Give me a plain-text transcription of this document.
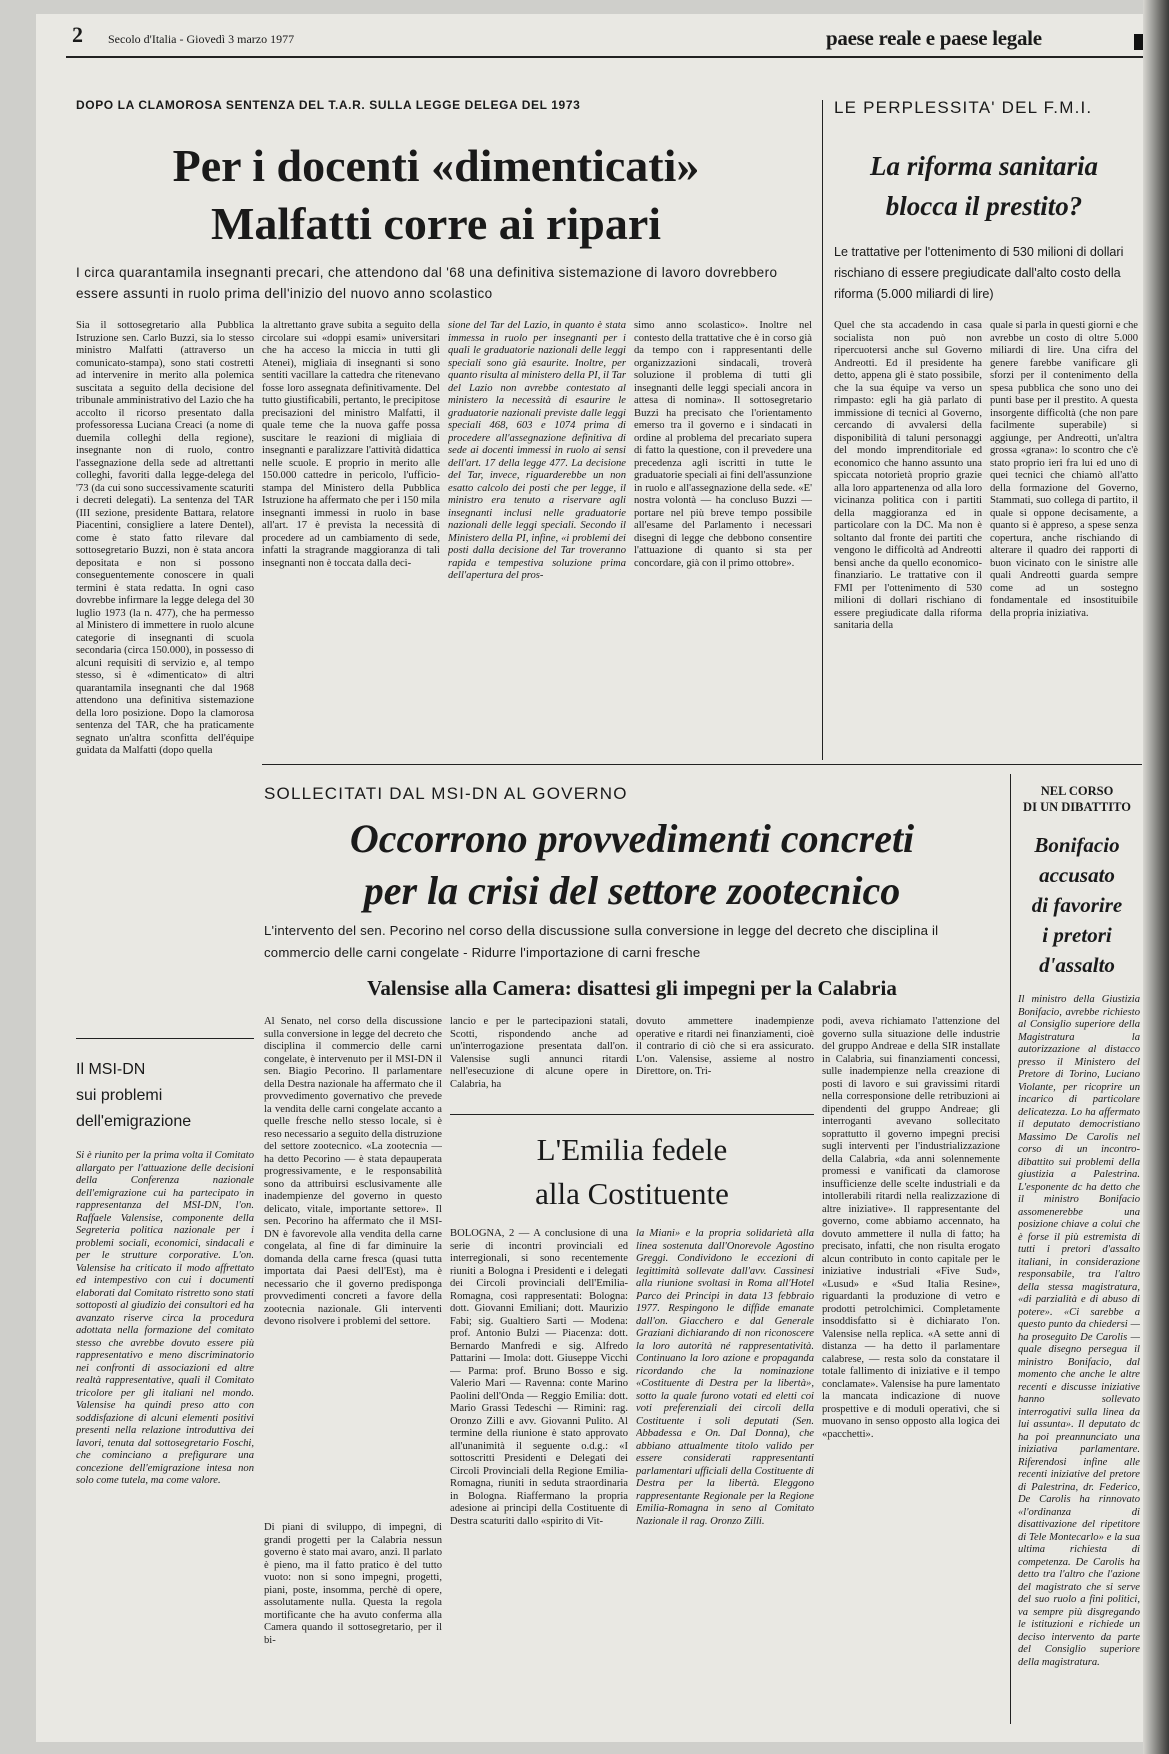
2 Secolo d'Italia - Giovedì 3 marzo 1977	paese reale e paese legale
DOPO LA CLAMOROSA SENTENZA DEL T.A.R. SULLA LEGGE DELEGA DEL 1973
Per i docenti «dimenticati»
Malfatti corre ai ripari
I circa quarantamila insegnanti precari, che attendono dal '68 una definitiva sistemazione di lavoro dovrebbero essere assunti in ruolo prima dell'inizio del nuovo anno scolastico
Sia il sottosegretario alla Pubblica Istruzione sen. Carlo Buzzi, sia lo stesso ministro Malfatti (attraverso un comunicato-stampa), sono stati costretti ad intervenire in merito alla polemica suscitata a seguito della decisione del tribunale amministrativo del Lazio che ha accolto il ricorso presentato dalla professoressa Luciana Creaci (a nome di duemila colleghi della regione), insegnante non di ruolo, contro l'assegnazione della sede ad altrettanti colleghi, favoriti dalla legge-delega del '73 (da cui sono successivamente scaturiti i decreti delegati). La sentenza del TAR (III sezione, presidente Battara, relatore Piacentini, consigliere a latere Dentel), come è stato fatto rilevare dal sottosegretario Buzzi, non è stata ancora depositata e non si possono conseguentemente conoscere in quali termini è stata redatta. In ogni caso dovrebbe infirmare la legge delega del 30 luglio 1973 (la n. 477), che ha permesso al Ministero di immettere in ruolo alcune categorie di insegnanti di scuola secondaria (circa 150.000), in possesso di alcuni requisiti di servizio e, al tempo stesso, si è «dimenticato» di altri quarantamila insegnanti che dal 1968 attendono una definitiva sistemazione della loro posizione. Dopo la clamorosa sentenza del TAR, che ha praticamente segnato un'altra sconfitta dell'équipe guidata da Malfatti (dopo quella
la altrettanto grave subita a seguito della circolare sui «doppi esami» universitari che ha acceso la miccia in tutti gli Atenei), migliaia di insegnanti si sono sentiti vacillare la cattedra che ritenevano fosse loro assegnata definitivamente. Del tutto giustificabili, pertanto, le precipitose precisazioni del ministro Malfatti, il quale teme che la nuova gaffe possa suscitare le reazioni di migliaia di insegnanti e paralizzare l'attività didattica nelle scuole. E proprio in merito alle 150.000 cattedre in pericolo, l'ufficio-stampa del Ministero della Pubblica Istruzione ha affermato che per i 150 mila insegnanti immessi in ruolo in base all'art. 17 è prevista la necessità di procedere ad un cambiamento di sede, infatti la stragrande maggioranza di tali insegnanti non è toccata dalla deci-
sione del Tar del Lazio, in quanto è stata immessa in ruolo per insegnanti per i quali le graduatorie nazionali delle leggi speciali sono già esaurite. Inoltre, per quanto risulta al ministero della PI, il Tar del Lazio non avrebbe contestato al ministero la necessità di esaurire le graduatorie nazionali previste dalle leggi speciali 468, 603 e 1074 prima di procedere all'assegnazione definitiva di sede ai docenti immessi in ruolo ai sensi dell'art. 17 della legge 477. La decisione del Tar, invece, riguarderebbe un non esatto calcolo dei posti che per legge, il ministro era tenuto a riservare agli insegnanti inclusi nelle graduatorie nazionali delle leggi speciali. Secondo il Ministero della PI, infine, «i problemi dei posti dalla decisione del Tar troveranno rapida e tempestiva soluzione prima dell'apertura del pros-
simo anno scolastico». Inoltre nel contesto della trattative che è in corso già da tempo con i rappresentanti delle organizzazioni sindacali, troverà soluzione il problema di tutti gli insegnanti delle leggi speciali ancora in attesa di nomina». Il sottosegretario Buzzi ha precisato che l'orientamento emerso tra il governo e i sindacati in ordine al problema del precariato supera di fatto la questione, con il prevedere una precedenza agli iscritti in tutte le graduatorie speciali ai fini dell'assunzione in ruolo e all'assegnazione della sede. «E' nostra volontà — ha concluso Buzzi — portare nel più breve tempo possibile all'esame del Parlamento i necessari disegni di legge che debbono consentire l'attuazione di quanto si sta per concordare, già con il primo ottobre».
LE PERPLESSITA' DEL F.M.I.
La riforma sanitaria blocca il prestito?
Le trattative per l'ottenimento di 530 milioni di dollari rischiano di essere pregiudicate dall'alto costo della riforma (5.000 miliardi di lire)
Quel che sta accadendo in casa socialista non può non ripercuotersi anche sul Governo Andreotti. Ed il presidente ha detto, appena gli è stato possibile, che la sua équipe va verso un rimpasto: egli ha già parlato di immissione di tecnici al Governo, cercando di avvalersi della disponibilità di taluni personaggi del mondo imprenditoriale ed economico che hanno assunto una spiccata notorietà proprio grazie alla loro appartenenza od alla loro vicinanza politica con i partiti della maggioranza ed in particolare con la DC. Ma non è soltanto dal fronte dei partiti che vengono le difficoltà ad Andreotti bensì anche da quello economico-finanziario. Le trattative con il FMI per l'ottenimento di 530 milioni di dollari rischiano di essere pregiudicate dalla riforma sanitaria della
quale si parla in questi giorni e che avrebbe un costo di oltre 5.000 miliardi di lire. Una cifra del genere farebbe vanificare gli sforzi per il contenimento della spesa pubblica che sono uno dei punti base per il prestito. A questa insorgente difficoltà (che non pare facilmente superabile) si aggiunge, per Andreotti, un'altra grossa «grana»: lo scontro che c'è stato proprio ieri fra lui ed uno di quei tecnici che chiamò all'atto della formazione del Governo, Stammati, suo collega di partito, il quale si oppone decisamente, a quanto si è appreso, a spese senza copertura, anche rischiando di alterare il quadro dei rapporti di buon vicinato con le sinistre alle quali Andreotti guarda sempre come ad un sostegno fondamentale ed insostituibile della propria iniziativa.
Il MSI-DN
sui problemi
dell'emigrazione
Si è riunito per la prima volta il Comitato allargato per l'attuazione delle decisioni della Conferenza nazionale dell'emigrazione cui ha partecipato in rappresentanza del MSI-DN, l'on. Raffaele Valensise, componente della Segreteria politica nazionale per i problemi sociali, economici, sindacali e per le strutture corporative. L'on. Valensise ha criticato il modo affrettato ed intempestivo con cui i documenti elaborati dal Comitato ristretto sono stati sottoposti al giudizio dei consultori ed ha avanzato riserve circa la procedura adottata nella formazione del comitato stesso che avrebbe dovuto essere più rappresentativo e meno discriminatorio nei confronti di associazioni ed altre realtà rappresentative, quali il Comitato tricolore per gli italiani nel mondo. Valensise ha quindi preso atto con soddisfazione di alcuni elementi positivi presenti nella relazione introduttiva dei lavori, tenuta dal sottosegretario Foschi, che cominciano a prefigurare una concezione dell'emigrazione intesa non solo come tutela, ma come valore.
SOLLECITATI DAL MSI-DN AL GOVERNO
Occorrono provvedimenti concreti
per la crisi del settore zootecnico
L'intervento del sen. Pecorino nel corso della discussione sulla conversione in legge del decreto che disciplina il commercio delle carni congelate - Ridurre l'importazione di carni fresche
Valensise alla Camera: disattesi gli impegni per la Calabria
Al Senato, nel corso della discussione sulla conversione in legge del decreto che disciplina il commercio delle carni congelate, è intervenuto per il MSI-DN il sen. Biagio Pecorino. Il parlamentare della Destra nazionale ha affermato che il provvedimento governativo che prevede la vendita delle carni congelate accanto a quelle fresche nello stesso locale, si è reso necessario a seguito della distruzione del settore zootecnico. «La zootecnia — ha detto Pecorino — è stata depauperata progressivamente, e le responsabilità sono da attribuirsi esclusivamente alle inadempienze del governo in questo delicato, vitale, importante settore». Il sen. Pecorino ha affermato che il MSI-DN è favorevole alla vendita della carne congelata, al fine di far diminuire la domanda della carne fresca (quasi tutta importata dai Paesi dell'Est), ma è necessario che il governo predisponga provvedimenti concreti a favore della zootecnia nazionale. Gli interventi devono risolvere i problemi del settore.
Di piani di sviluppo, di impegni, di grandi progetti per la Calabria nessun governo è stato mai avaro, anzi. Il parlato è pieno, ma il fatto pratico è del tutto vuoto: non si sono impegni, progetti, piani, poste, insomma, perchè di opere, assolutamente nulla. Questa la regola mortificante che ha avuto conferma alla Camera quando il sottosegretario, per il bi-
lancio e per le partecipazioni statali, Scotti, rispondendo anche ad un'interrogazione presentata dall'on. Valensise sugli annunci ritardi nell'esecuzione di alcune opere in Calabria, ha
dovuto ammettere inadempienze operative e ritardi nei finanziamenti, cioè il contrario di ciò che si era assicurato. L'on. Valensise, assieme al nostro Direttore, on. Tri-
podi, aveva richiamato l'attenzione del governo sulla situazione delle industrie del gruppo Andreae e della SIR installate in Calabria, sui finanziamenti concessi, sulle inadempienze nella creazione di posti di lavoro e sui gravissimi ritardi nella corresponsione delle retribuzioni ai dipendenti del gruppo Andreae; gli interroganti avevano sollecitato soprattutto il governo impegni precisi sugli interventi per l'industrializzazione della Calabria, «da anni solennemente promessi e vanificati da clamorose insufficienze delle scelte industriali e da intollerabili ritardi nella realizzazione di altre iniziative». Il rappresentante del governo, come abbiamo accennato, ha dovuto ammettere il nulla di fatto; ha precisato, infatti, che non risulta erogato alcun contributo in conto capitale per le iniziative industriali «Five Sud», «Lusud» e «Sud Italia Resine», riguardanti la produzione di vetro e prodotti petrolchimici. Completamente insoddisfatto si è dichiarato l'on. Valensise nella replica. «A sette anni di distanza — ha detto il parlamentare calabrese, — resta solo da constatare il totale fallimento di iniziative e il tempo conclamate». Valensise ha pure lamentato la mancata indicazione di nuove prospettive e di moduli operativi, che si muovano in senso opposto alla logica dei «pacchetti».
L'Emilia fedele
alla Costituente
BOLOGNA, 2 — A conclusione di una serie di incontri provinciali ed interregionali, si sono recentemente riuniti a Bologna i Presidenti e i delegati dei Circoli provinciali dell'Emilia-Romagna, così rappresentati: Bologna: dott. Giovanni Emiliani; dott. Maurizio Fabi; sig. Gualtiero Sarti — Modena: prof. Antonio Bulzi — Piacenza: dott. Bernardo Manfredi e sig. Alfredo Pattarini — Imola: dott. Giuseppe Vicchi — Parma: prof. Bruno Bosso e sig. Valerio Mari — Ravenna: conte Marino Paolini dell'Onda — Reggio Emilia: dott. Mario Grassi Tedeschi — Rimini: rag. Oronzo Zilli e avv. Giovanni Pulito. Al termine della riunione è stato approvato all'unanimità il seguente o.d.g.: «I sottoscritti Presidenti e Delegati dei Circoli Provinciali della Regione Emilia-Romagna, riuniti in seduta straordinaria in Bologna. Riaffermano la propria adesione ai principi della Costituente di Destra scaturiti dallo «spirito di Vit-
la Miani» e la propria solidarietà alla linea sostenuta dall'Onorevole Agostino Greggi. Condividono le eccezioni di legittimità sollevate dall'avv. Cassinesi alla riunione svoltasi in Roma all'Hotel Parco dei Principi in data 13 febbraio 1977. Respingono le diffide emanate dall'on. Giacchero e dal Generale Graziani dichiarando di non riconoscere la loro autorità né rappresentatività. Continuano la loro azione e propaganda ricordando che la nominazione «Costituente di Destra per la libertà», sotto la quale furono votati ed eletti coi voti preferenziali dei circoli della Costituente i soli deputati (Sen. Abbadessa e On. Dal Donna), che abbiano attualmente titolo valido per essere considerati rappresentanti parlamentari ufficiali della Costituente di Destra per la libertà. Eleggono rappresentante Regionale per la Regione Emilia-Romagna in seno al Comitato Nazionale il rag. Oronzo Zilli.
NEL CORSO
DI UN DIBATTITO
Bonifacio
accusato
di favorire
i pretori
d'assalto
Il ministro della Giustizia Bonifacio, avrebbe richiesto al Consiglio superiore della Magistratura la autorizzazione al distacco presso il Ministero del Pretore di Torino, Luciano Violante, per ricoprire un incarico di particolare delicatezza. Lo ha affermato il deputato democristiano Massimo De Carolis nel corso di un incontro-dibattito sui problemi della giustizia a Palestrina. L'esponente dc ha detto che il ministro Bonifacio assomenerebbe una posizione chiave a colui che è forse il più estremista di tutti i pretori d'assalto italiani, in considerazione responsabile, tra l'altro della stessa magistratura, «di parzialità e di abuso di potere». «Ci sarebbe a questo punto da chiedersi — ha proseguito De Carolis — quale disegno persegua il ministro Bonifacio, dal momento che anche le altre recenti e discusse iniziative hanno sollevato interrogativi sulla linea da lui assunta». Il deputato dc ha poi preannunciato una iniziativa parlamentare. Riferendosi infine alle recenti iniziative del pretore di Palestrina, dr. Federico, De Carolis ha rinnovato «l'ordinanza di disattivazione del ripetitore di Tele Montecarlo» e la sua ultima richiesta di competenza. De Carolis ha detto tra l'altro che l'azione del magistrato che si serve del suo ruolo a fini politici, va sempre più disgregando le istituzioni e richiede un deciso intervento da parte del Consiglio superiore della magistratura.
